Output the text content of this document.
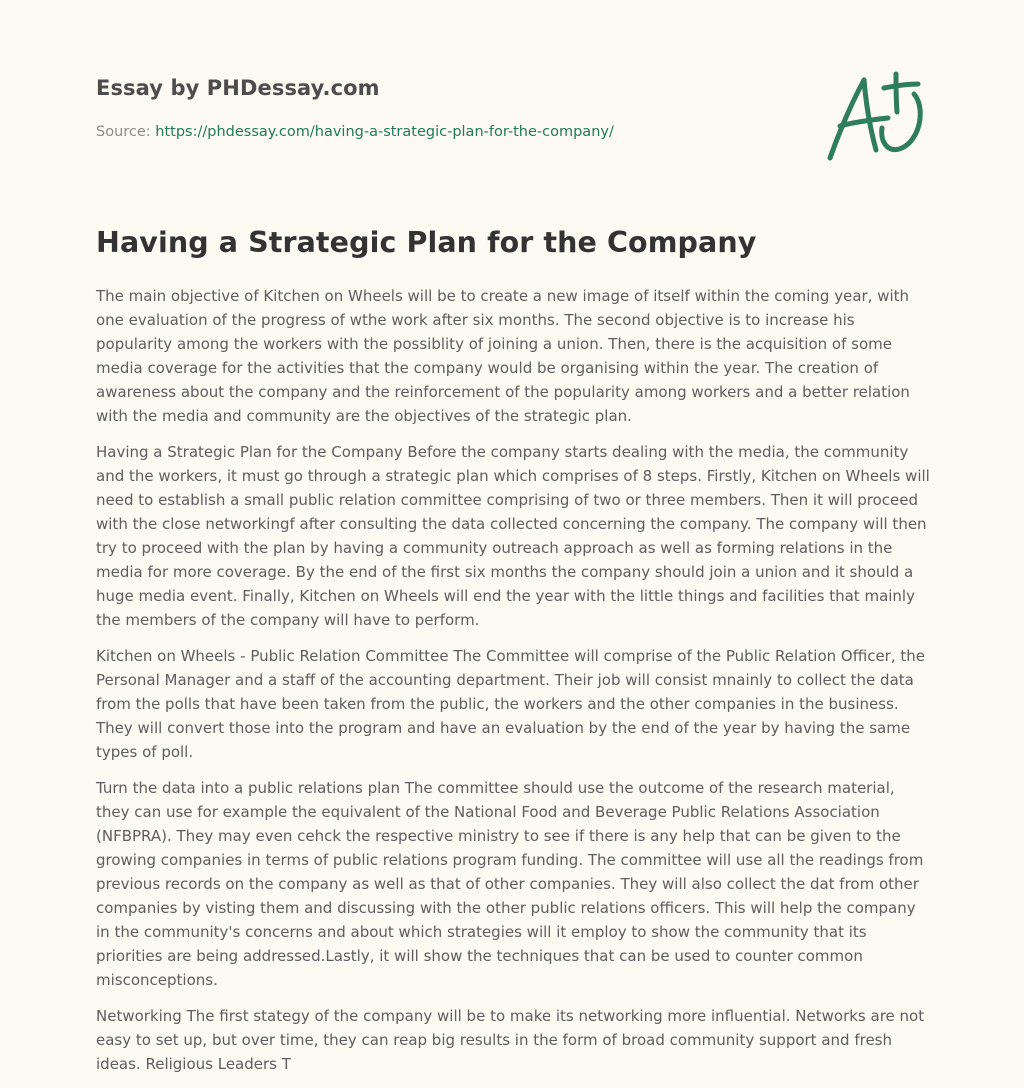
Essay by PHDessay.com
Source: https://phdessay.com/having-a-strategic-plan-for-the-company/
Having a Strategic Plan for the Company

The main objective of Kitchen on Wheels will be to create a new image of itself within the coming year, with one evaluation of the progress of wthe work after six months. The second objective is to increase his popularity among the workers with the possiblity of joining a union. Then, there is the acquisition of some media coverage for the activities that the company would be organising within the year. The creation of awareness about the company and the reinforcement of the popularity among workers and a better relation with the media and community are the objectives of the strategic plan.

Having a Strategic Plan for the Company Before the company starts dealing with the media, the community and the workers, it must go through a strategic plan which comprises of 8 steps. Firstly, Kitchen on Wheels will need to establish a small public relation committee comprising of two or three members. Then it will proceed with the close networkingf after consulting the data collected concerning the company. The company will then try to proceed with the plan by having a community outreach approach as well as forming relations in the media for more coverage. By the end of the first six months the company should join a union and it should a huge media event. Finally, Kitchen on Wheels will end the year with the little things and facilities that mainly the members of the company will have to perform.

Kitchen on Wheels - Public Relation Committee The Committee will comprise of the Public Relation Officer, the Personal Manager and a staff of the accounting department. Their job will consist mnainly to collect the data from the polls that have been taken from the public, the workers and the other companies in the business. They will convert those into the program and have an evaluation by the end of the year by having the same types of poll.

Turn the data into a public relations plan The committee should use the outcome of the research material, they can use for example the equivalent of the National Food and Beverage Public Relations Association (NFBPRA). They may even cehck the respective ministry to see if there is any help that can be given to the growing companies in terms of public relations program funding. The committee will use all the readings from previous records on the company as well as that of other companies. They will also collect the dat from other companies by visting them and discussing with the other public relations officers. This will help the company in the community's concerns and about which strategies will it employ to show the community that its priorities are being addressed.Lastly, it will show the techniques that can be used to counter common misconceptions.

Networking The first stategy of the company will be to make its networking more influential. Networks are not easy to set up, but over time, they can reap big results in the form of broad community support and fresh ideas. Religious Leaders T
